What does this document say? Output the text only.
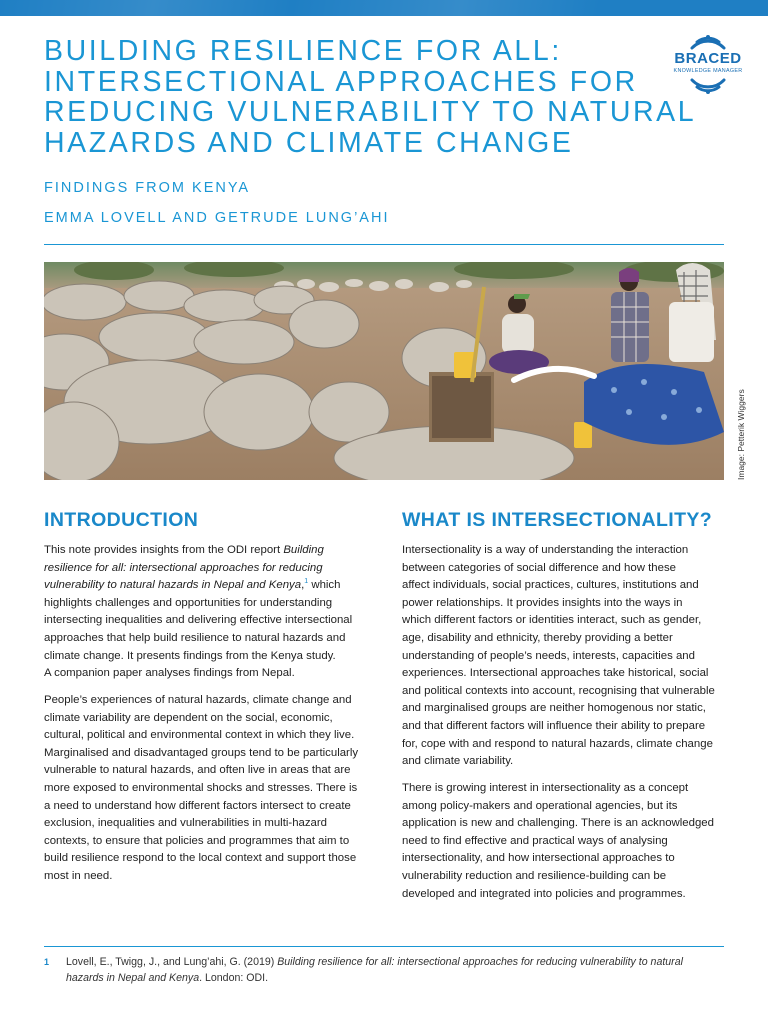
BUILDING RESILIENCE FOR ALL:
INTERSECTIONAL APPROACHES FOR
REDUCING VULNERABILITY TO NATURAL
HAZARDS AND CLIMATE CHANGE
BRACED
KNOWLEDGE MANAGER

FINDINGS FROM KENYA

EMMA LOVELL AND GETRUDE LUNG’AHI

Image: Petterik Wiggers
INTRODUCTION
This note provides insights from the ODI report Building
resilience for all: intersectional approaches for reducing
vulnerability to natural hazards in Nepal and Kenya,$^1$ which
highlights challenges and opportunities for understanding
intersecting inequalities and delivering effective intersectional
approaches that help build resilience to natural hazards and
climate change. It presents findings from the Kenya study.
A companion paper analyses findings from Nepal.
People’s experiences of natural hazards, climate change and
climate variability are dependent on the social, economic,
cultural, political and environmental context in which they live.
Marginalised and disadvantaged groups tend to be particularly
vulnerable to natural hazards, and often live in areas that are
more exposed to environmental shocks and stresses. There is
a need to understand how different factors intersect to create
exclusion, inequalities and vulnerabilities in multi-hazard
contexts, to ensure that policies and programmes that aim to
build resilience respond to the local context and support those
most in need.
WHAT IS INTERSECTIONALITY?
Intersectionality is a way of understanding the interaction
between categories of social difference and how these
affect individuals, social practices, cultures, institutions and
power relationships. It provides insights into the ways in
which different factors or identities interact, such as gender,
age, disability and ethnicity, thereby providing a better
understanding of people’s needs, interests, capacities and
experiences. Intersectional approaches take historical, social
and political contexts into account, recognising that vulnerable
and marginalised groups are neither homogenous nor static,
and that different factors will influence their ability to prepare
for, cope with and respond to natural hazards, climate change
and climate variability.
There is growing interest in intersectionality as a concept
among policy-makers and operational agencies, but its
application is new and challenging. There is an acknowledged
need to find effective and practical ways of analysing
intersectionality, and how intersectional approaches to
vulnerability reduction and resilience-building can be
developed and integrated into policies and programmes.
1 Lovell, E., Twigg, J., and Lung’ahi, G. (2019) Building resilience for all: intersectional approaches for reducing vulnerability to natural
hazards in Nepal and Kenya. London: ODI.
